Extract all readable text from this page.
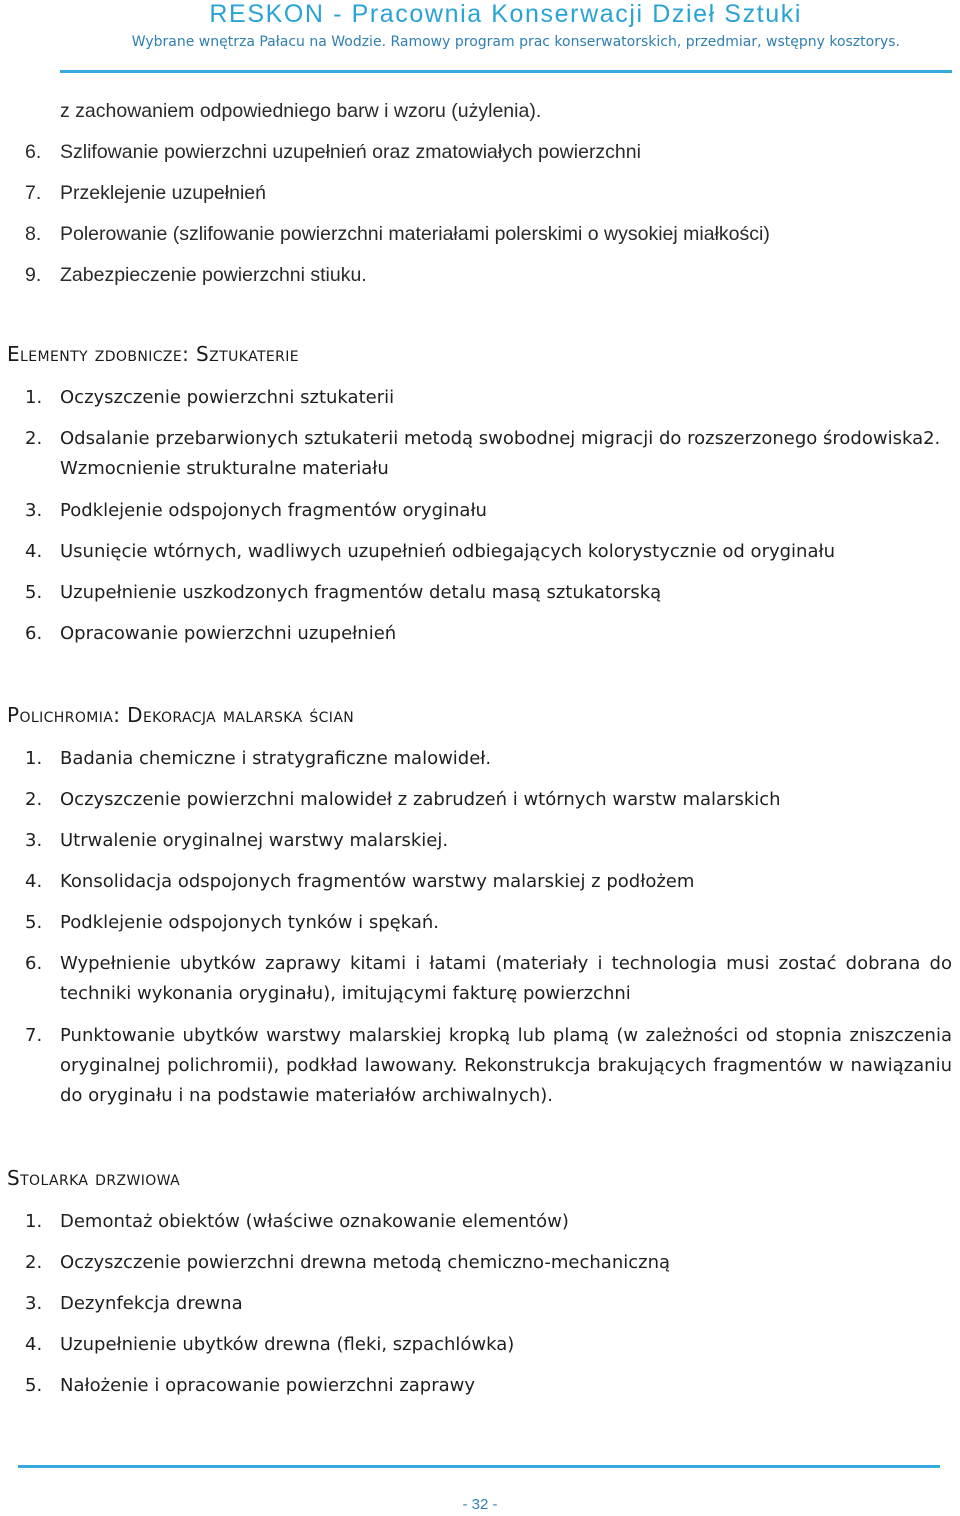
RESKON - Pracownia Konserwacji Dzieł Sztuki
Wybrane wnętrza Pałacu na Wodzie. Ramowy program prac konserwatorskich, przedmiar, wstępny kosztorys.
z zachowaniem odpowiedniego barw i wzoru (użylenia).
6. Szlifowanie powierzchni uzupełnień oraz zmatowiałych powierzchni
7. Przeklejenie uzupełnień
8. Polerowanie (szlifowanie powierzchni materiałami polerskimi o wysokiej miałkości)
9. Zabezpieczenie powierzchni stiuku.
Elementy zdobnicze: Sztukaterie
1. Oczyszczenie powierzchni sztukaterii
2. Odsalanie przebarwionych sztukaterii metodą swobodnej migracji do rozszerzonego środowiska2. Wzmocnienie strukturalne materiału
3. Podklejenie odspojonych fragmentów oryginału
4. Usunięcie wtórnych, wadliwych uzupełnień odbiegających kolorystycznie od oryginału
5. Uzupełnienie uszkodzonych fragmentów detalu masą sztukatorską
6. Opracowanie powierzchni uzupełnień
Polichromia: Dekoracja malarska ścian
1. Badania chemiczne i stratygraficzne malowideł.
2. Oczyszczenie powierzchni malowideł z zabrudzeń i wtórnych warstw malarskich
3. Utrwalenie oryginalnej warstwy malarskiej.
4. Konsolidacja odspojonych fragmentów warstwy malarskiej z podłożem
5. Podklejenie odspojonych tynków i spękań.
6. Wypełnienie ubytków zaprawy kitami i łatami (materiały i technologia musi zostać dobrana do techniki wykonania oryginału), imitującymi fakturę powierzchni
7. Punktowanie ubytków warstwy malarskiej kropką lub plamą (w zależności od stopnia zniszczenia oryginalnej polichromii), podkład lawowany. Rekonstrukcja brakujących fragmentów w nawiązaniu do oryginału i na podstawie materiałów archiwalnych).
Stolarka drzwiowa
1. Demontaż obiektów (właściwe oznakowanie elementów)
2. Oczyszczenie powierzchni drewna metodą chemiczno-mechaniczną
3. Dezynfekcja drewna
4. Uzupełnienie ubytków drewna (fleki, szpachlówka)
5. Nałożenie i opracowanie powierzchni zaprawy
- 32 -
